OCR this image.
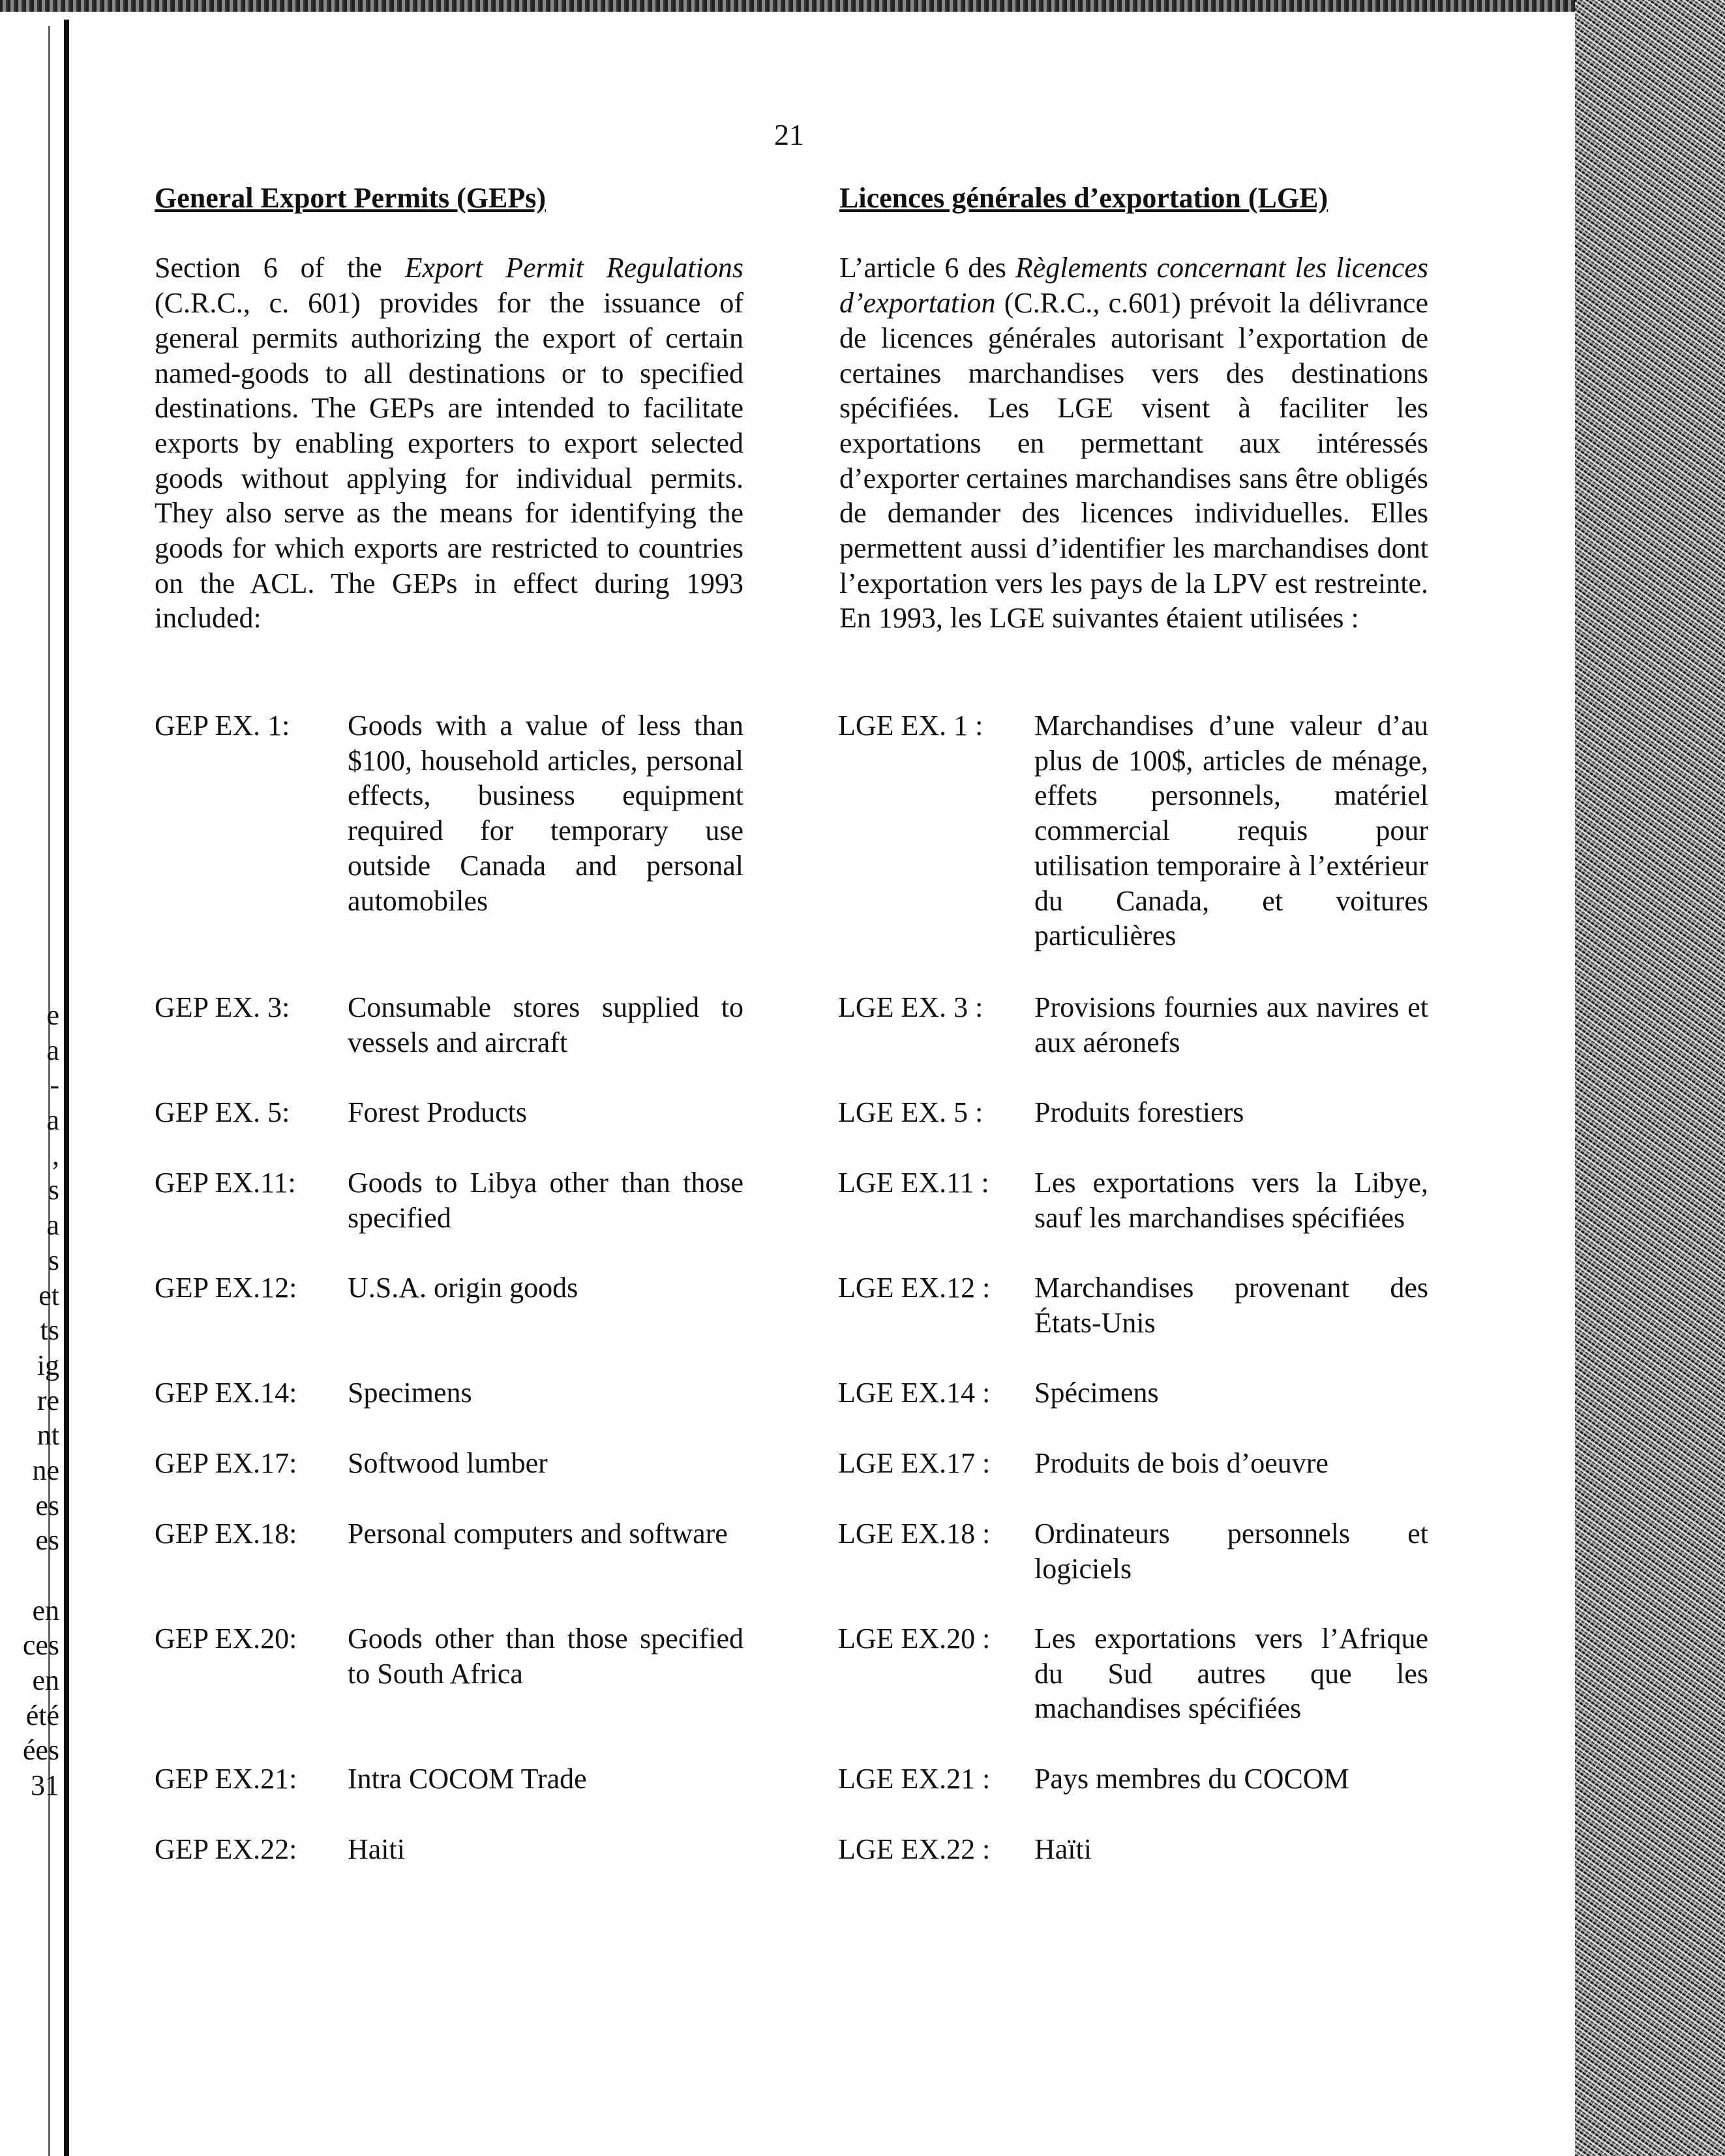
e
a
-
a
,
s
a
s
et
ts
ig
re
nt
ne
es
es
en
ces
en
été
ées
31
21
General Export Permits (GEPs)
Section 6 of the Export Permit Regulations (C.R.C., c. 601) provides for the issuance of general permits authorizing the export of certain named-goods to all destinations or to specified destinations. The GEPs are intended to facilitate exports by enabling exporters to export selected goods without applying for individual permits. They also serve as the means for identifying the goods for which exports are restricted to countries on the ACL. The GEPs in effect during 1993 included:
Licences générales d’exportation (LGE)
L’article 6 des Règlements concernant les licences d’exportation (C.R.C., c.601) prévoit la délivrance de licences générales autorisant l’exportation de certaines marchandises vers des destinations spécifiées. Les LGE visent à faciliter les exportations en permettant aux intéressés d’exporter certaines marchandises sans être obligés de demander des licences individuelles. Elles permettent aussi d’identifier les marchandises dont l’exportation vers les pays de la LPV est restreinte. En 1993, les LGE suivantes étaient utilisées :
GEP EX. 1: Goods with a value of less than $100, household articles, personal effects, business equipment required for temporary use outside Canada and personal automobiles
GEP EX. 3: Consumable stores supplied to vessels and aircraft
GEP EX. 5: Forest Products
GEP EX.11: Goods to Libya other than those specified
GEP EX.12: U.S.A. origin goods
GEP EX.14: Specimens
GEP EX.17: Softwood lumber
GEP EX.18: Personal computers and software
GEP EX.20: Goods other than those specified to South Africa
GEP EX.21: Intra COCOM Trade
GEP EX.22: Haiti
LGE EX. 1 : Marchandises d’une valeur d’au plus de 100$, articles de ménage, effets personnels, matériel commercial requis pour utilisation temporaire à l’extérieur du Canada, et voitures particulières
LGE EX. 3 : Provisions fournies aux navires et aux aéronefs
LGE EX. 5 : Produits forestiers
LGE EX.11 : Les exportations vers la Libye, sauf les marchandises spécifiées
LGE EX.12 : Marchandises provenant des États-Unis
LGE EX.14 : Spécimens
LGE EX.17 : Produits de bois d’oeuvre
LGE EX.18 : Ordinateurs personnels et logiciels
LGE EX.20 : Les exportations vers l’Afrique du Sud autres que les machandises spécifiées
LGE EX.21 : Pays membres du COCOM
LGE EX.22 : Haïti
